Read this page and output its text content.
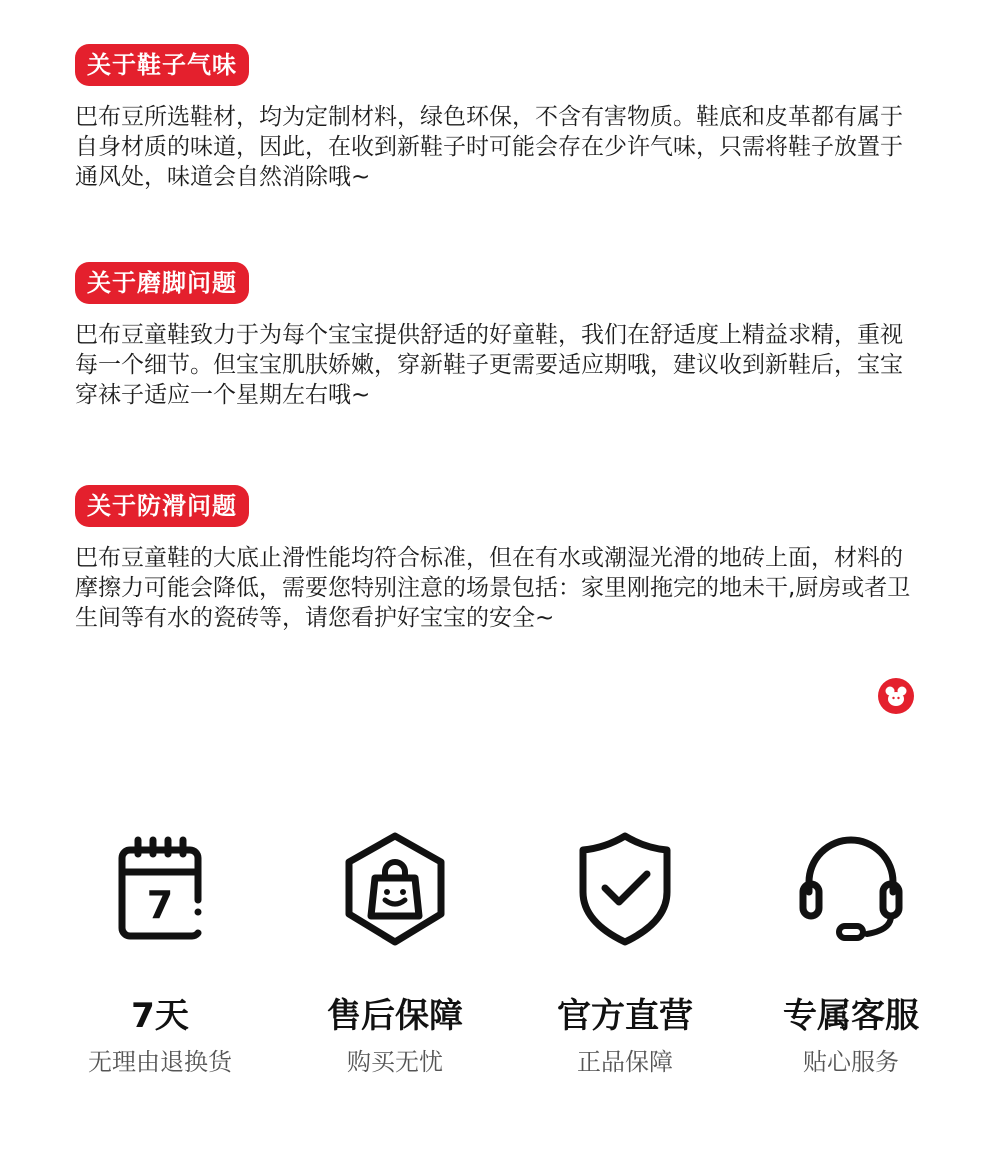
关于鞋子气味

巴布豆所选鞋材，均为定制材料，绿色环保，不含有害物质。鞋底和皮革都有属于自身材质的味道，因此，在收到新鞋子时可能会存在少许气味，只需将鞋子放置于通风处，味道会自然消除哦~

关于磨脚问题

巴布豆童鞋致力于为每个宝宝提供舒适的好童鞋，我们在舒适度上精益求精，重视每一个细节。但宝宝肌肤娇嫩，穿新鞋子更需要适应期哦，建议收到新鞋后，宝宝穿袜子适应一个星期左右哦~

关于防滑问题

巴布豆童鞋的大底止滑性能均符合标准，但在有水或潮湿光滑的地砖上面，材料的摩擦力可能会降低，需要您特别注意的场景包括：家里刚拖完的地未干,厨房或者卫生间等有水的瓷砖等，请您看护好宝宝的安全~

7
7天
无理由退换货
售后保障
购买无忧
官方直营
正品保障
专属客服
贴心服务
